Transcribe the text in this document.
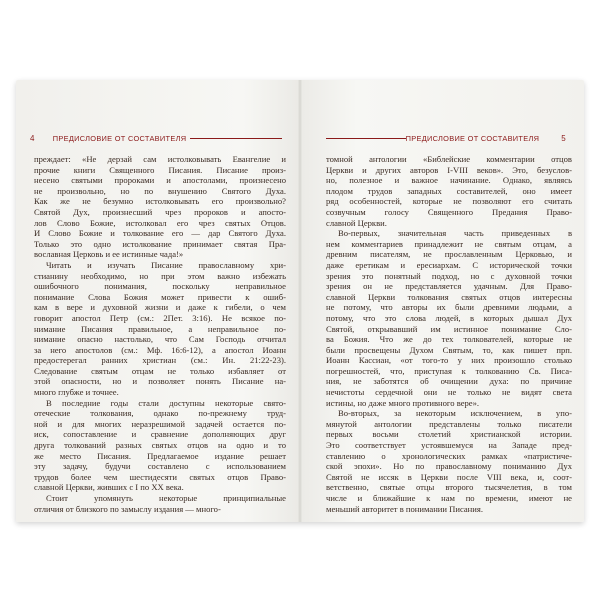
4 ПРЕДИСЛОВИЕ ОТ СОСТАВИТЕЛЯ

преждает: «Не дерзай сам истолковывать Евангелие и
прочие книги Священного Писания. Писание произ-
несено святыми пророками и апостолами, произнесено
не произвольно, но по внушению Святого Духа.
Как же не безумно истолковывать его произвольно?
Святой Дух, произнесший чрез пророков и апосто-
лов Слово Божие, истолковал его чрез святых Отцов.
И Слово Божие и толкование его — дар Святого Духа.
Только это одно истолкование принимает святая Пра-
вославная Церковь и ее истинные чада!»

Читать и изучать Писание православному хри-
стианину необходимо, но при этом важно избежать
ошибочного понимания, поскольку неправильное
понимание Слова Божия может привести к ошиб-
кам в вере и духовной жизни и даже к гибели, о чем
говорит апостол Петр (см.: 2Пет. 3:16). Не всякое по-
нимание Писания правильное, а неправильное по-
нимание опасно настолько, что Сам Господь отчитал
за него апостолов (см.: Мф. 16:6-12), а апостол Иоанн
предостерегал ранних христиан (см.: Ин. 21:22-23).
Следование святым отцам не только избавляет от
этой опасности, но и позволяет понять Писание на-
много глубже и точнее.

В последние годы стали доступны некоторые свято-
отеческие толкования, однако по-прежнему труд-
ной и для многих неразрешимой задачей остается по-
иск, сопоставление и сравнение дополняющих друг
друга толкований разных святых отцов на одно и то
же место Писания. Предлагаемое издание решает
эту задачу, будучи составлено с использованием
трудов более чем шестидесяти святых отцов Право-
славной Церкви, живших с I по XX века.

Стоит упомянуть некоторые принципиальные
отличия от близкого по замыслу издания — много-

ПРЕДИСЛОВИЕ ОТ СОСТАВИТЕЛЯ	5

томной антологии «Библейские комментарии отцов
Церкви и других авторов I-VIII веков». Это, безуслов-
но, полезное и важное начинание. Однако, являясь
плодом трудов западных составителей, оно имеет
ряд особенностей, которые не позволяют его считать
созвучным голосу Священного Предания Право-
славной Церкви.

Во-первых, значительная часть приведенных в
нем комментариев принадлежит не святым отцам, а
древним писателям, не прославленным Церковью, и
даже еретикам и ересиархам. С исторической точки
зрения это понятный подход, но с духовной точки
зрения он не представляется удачным. Для Право-
славной Церкви толкования святых отцов интересны
не потому, что авторы их были древними людьми, а
потому, что это слова людей, в которых дышал Дух
Святой, открывавший им истинное понимание Сло-
ва Божия. Что же до тех толкователей, которые не
были просвещены Духом Святым, то, как пишет прп.
Иоанн Кассиан, «от того-то у них произошло столько
погрешностей, что, приступая к толкованию Св. Писа-
ния, не заботятся об очищении духа: по причине
нечистоты сердечной они не только не видят света
истины, но даже много противного вере».

Во-вторых, за некоторым исключением, в упо-
мянутой антологии представлены только писатели
первых восьми столетий христианской истории.
Это соответствует устоявшемуся на Западе пред-
ставлению о хронологических рамках «патристиче-
ской эпохи». Но по православному пониманию Дух
Святой не иссяк в Церкви после VIII века, и, соот-
ветственно, святые отцы второго тысячелетия, в том
числе и ближайшие к нам по времени, имеют не
меньший авторитет в понимании Писания.
